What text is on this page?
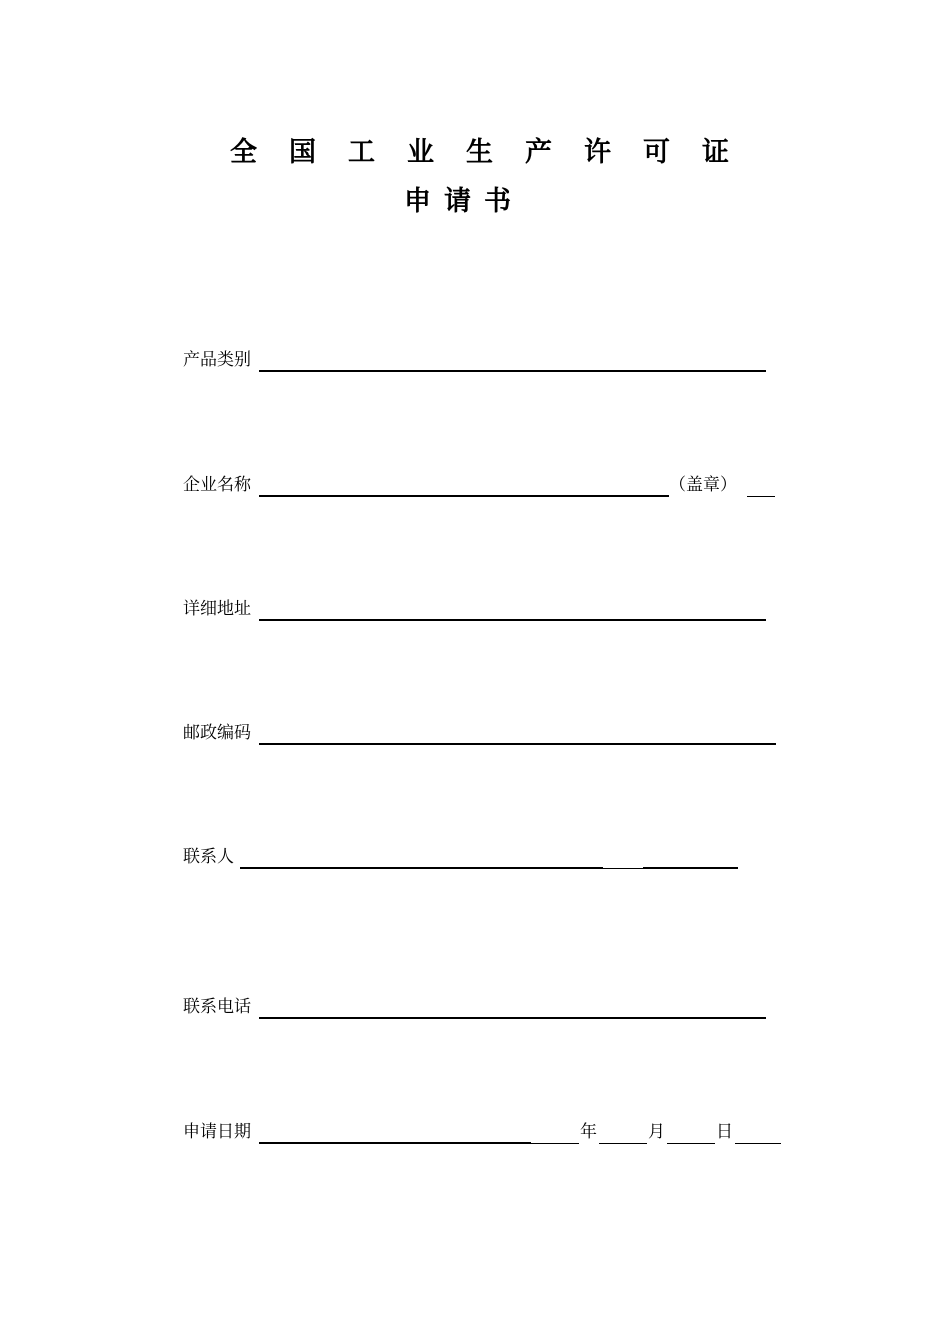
全国工业生产许可证
申请书
产品类别
企业名称	（盖章）
详细地址
邮政编码
联系人
联系电话
申请日期	年	月	日
